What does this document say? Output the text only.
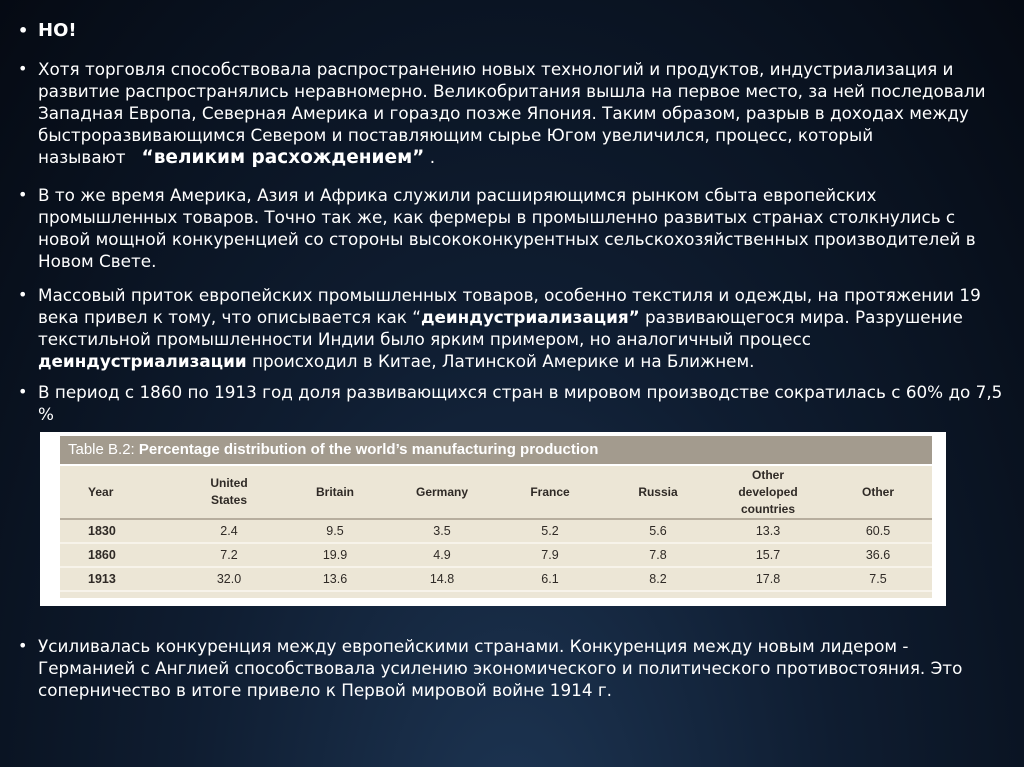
• НО!
• Хотя торговля способствовала распространению новых технологий и продуктов, индустриализация и развитие распространялись неравномерно. Великобритания вышла на первое место, за ней последовали Западная Европа, Северная Америка и гораздо позже Япония. Таким образом, разрыв в доходах между быстроразвивающимся Севером и поставляющим сырье Югом увеличился, процесс, который называют “великим расхождением” .
• В то же время Америка, Азия и Африка служили расширяющимся рынком сбыта европейских промышленных товаров. Точно так же, как фермеры в промышленно развитых странах столкнулись с новой мощной конкуренцией со стороны высококонкурентных сельскохозяйственных производителей в Новом Свете.
• Массовый приток европейских промышленных товаров, особенно текстиля и одежды, на протяжении 19 века привел к тому, что описывается как “деиндустриализация” развивающегося мира. Разрушение текстильной промышленности Индии было ярким примером, но аналогичный процесс деиндустриализации происходил в Китае, Латинской Америке и на Ближнем.
• В период с 1860 по 1913 год доля развивающихся стран в мировом производстве сократилась с 60% до 7,5 %
Table B.2: Percentage distribution of the world’s manufacturing production
Year	United States	Britain	Germany	France	Russia	Other developed countries	Other
1830	2.4	9.5	3.5	5.2	5.6	13.3	60.5
1860	7.2	19.9	4.9	7.9	7.8	15.7	36.6
1913	32.0	13.6	14.8	6.1	8.2	17.8	7.5
• Усиливалась конкуренция между европейскими странами. Конкуренция между новым лидером - Германией с Англией способствовала усилению экономического и политического противостояния. Это соперничество в итоге привело к Первой мировой войне 1914 г.
